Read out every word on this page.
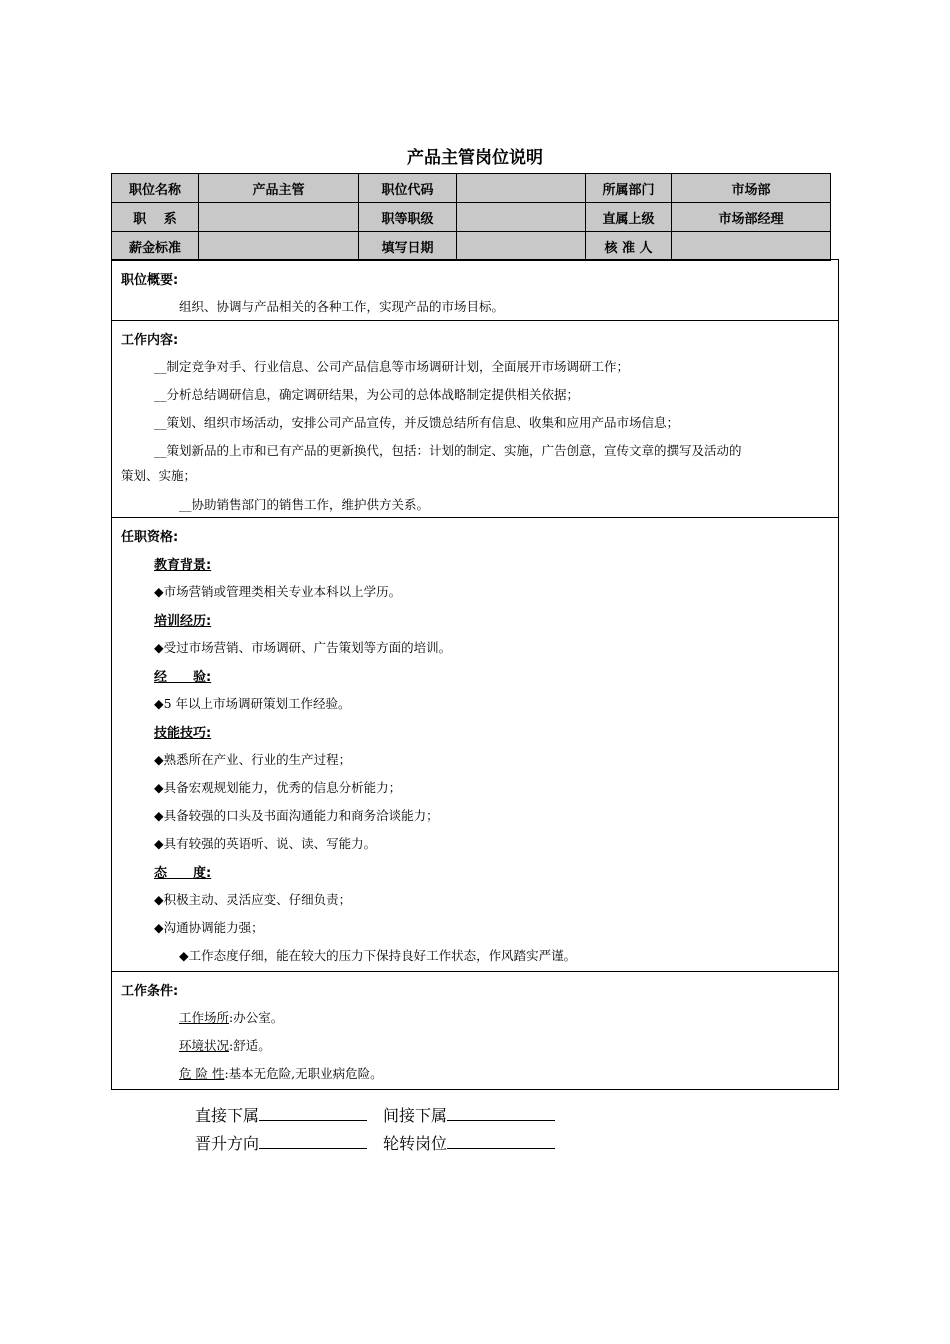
产品主管岗位说明
职位名称	产品主管	职位代码		所属部门	市场部
职　 系		职等职级		直属上级	市场部经理
薪金标准		填写日期		核 准 人	
职位概要:
组织、协调与产品相关的各种工作，实现产品的市场目标。
工作内容:
__制定竞争对手、行业信息、公司产品信息等市场调研计划，全面展开市场调研工作；
__分析总结调研信息，确定调研结果，为公司的总体战略制定提供相关依据；
__策划、组织市场活动，安排公司产品宣传，并反馈总结所有信息、收集和应用产品市场信息；
__策划新品的上市和已有产品的更新换代，包括：计划的制定、实施，广告创意，宣传文章的撰写及活动的
策划、实施；
__协助销售部门的销售工作，维护供方关系。
任职资格:
教育背景:
◆市场营销或管理类相关专业本科以上学历。
培训经历:
◆受过市场营销、市场调研、广告策划等方面的培训。
经　　验:
◆5 年以上市场调研策划工作经验。
技能技巧:
◆熟悉所在产业、行业的生产过程；
◆具备宏观规划能力，优秀的信息分析能力；
◆具备较强的口头及书面沟通能力和商务洽谈能力；
◆具有较强的英语听、说、读、写能力。
态　　度:
◆积极主动、灵活应变、仔细负责；
◆沟通协调能力强；
◆工作态度仔细，能在较大的压力下保持良好工作状态，作风踏实严谨。
工作条件:
工作场所:办公室。
环境状况:舒适。
危 险 性:基本无危险,无职业病危险。
直接下属	间接下属
晋升方向	轮转岗位
